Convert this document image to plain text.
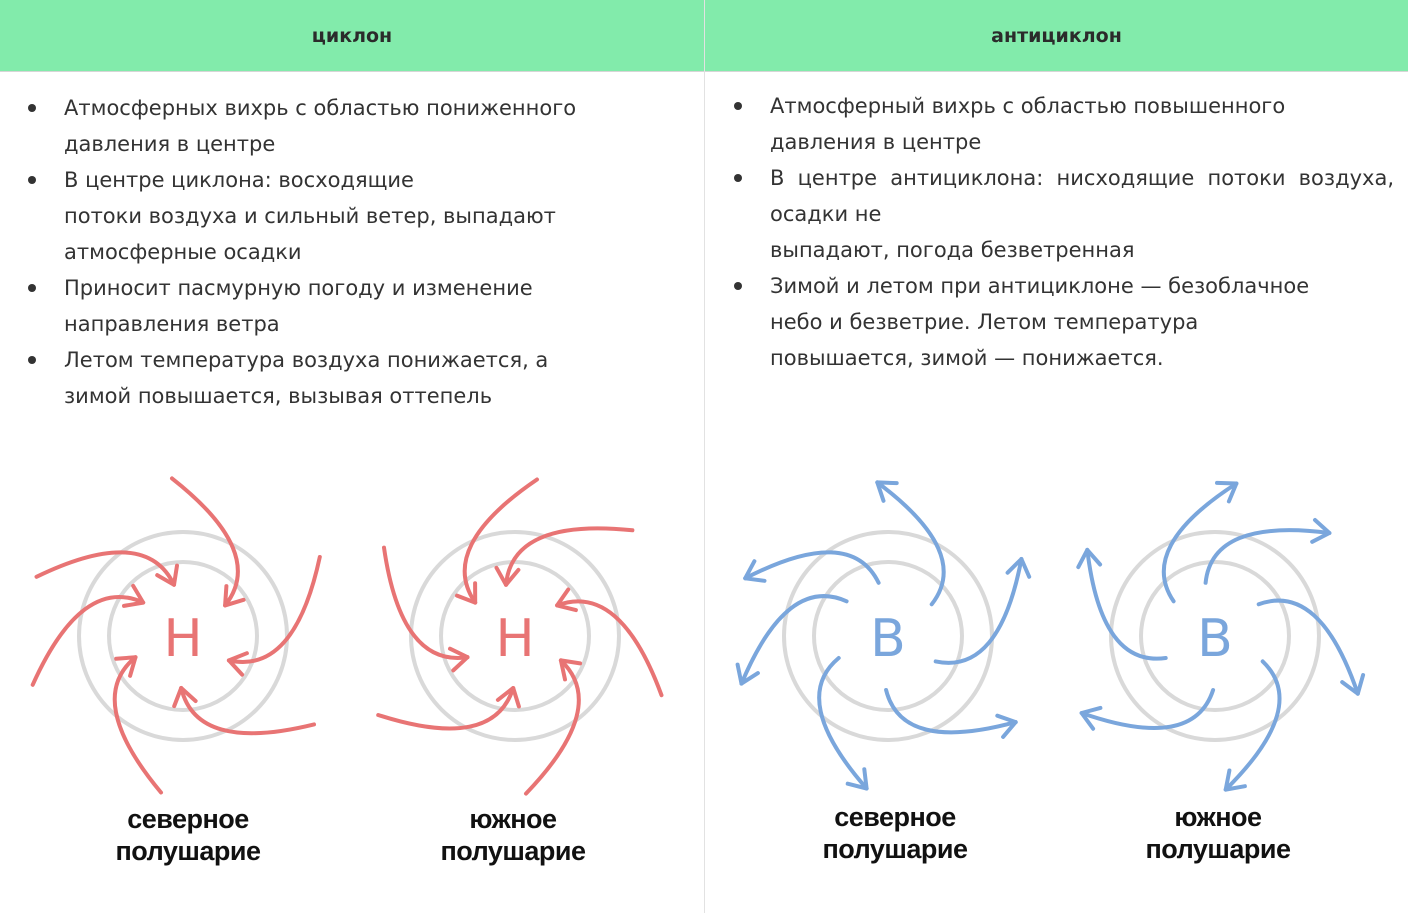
циклон	антициклон
Атмосферных вихрь с областью пониженного
давления в центре
В центре циклона: восходящие
потоки воздуха и сильный ветер, выпадают
атмосферные осадки
Приносит пасмурную погоду и изменение
направления ветра
Летом температура воздуха понижается, а
зимой повышается, вызывая оттепель
Н	Н
северное
полушарие
южное
полушарие
Атмосферный вихрь с областью повышенного
давления в центре
В центре антициклона: нисходящие потоки воздуха,
осадки не
выпадают, погода безветренная
Зимой и летом при антициклоне — безоблачное
небо и безветрие. Летом температура
повышается, зимой — понижается.
В	В
северное
полушарие
южное
полушарие
